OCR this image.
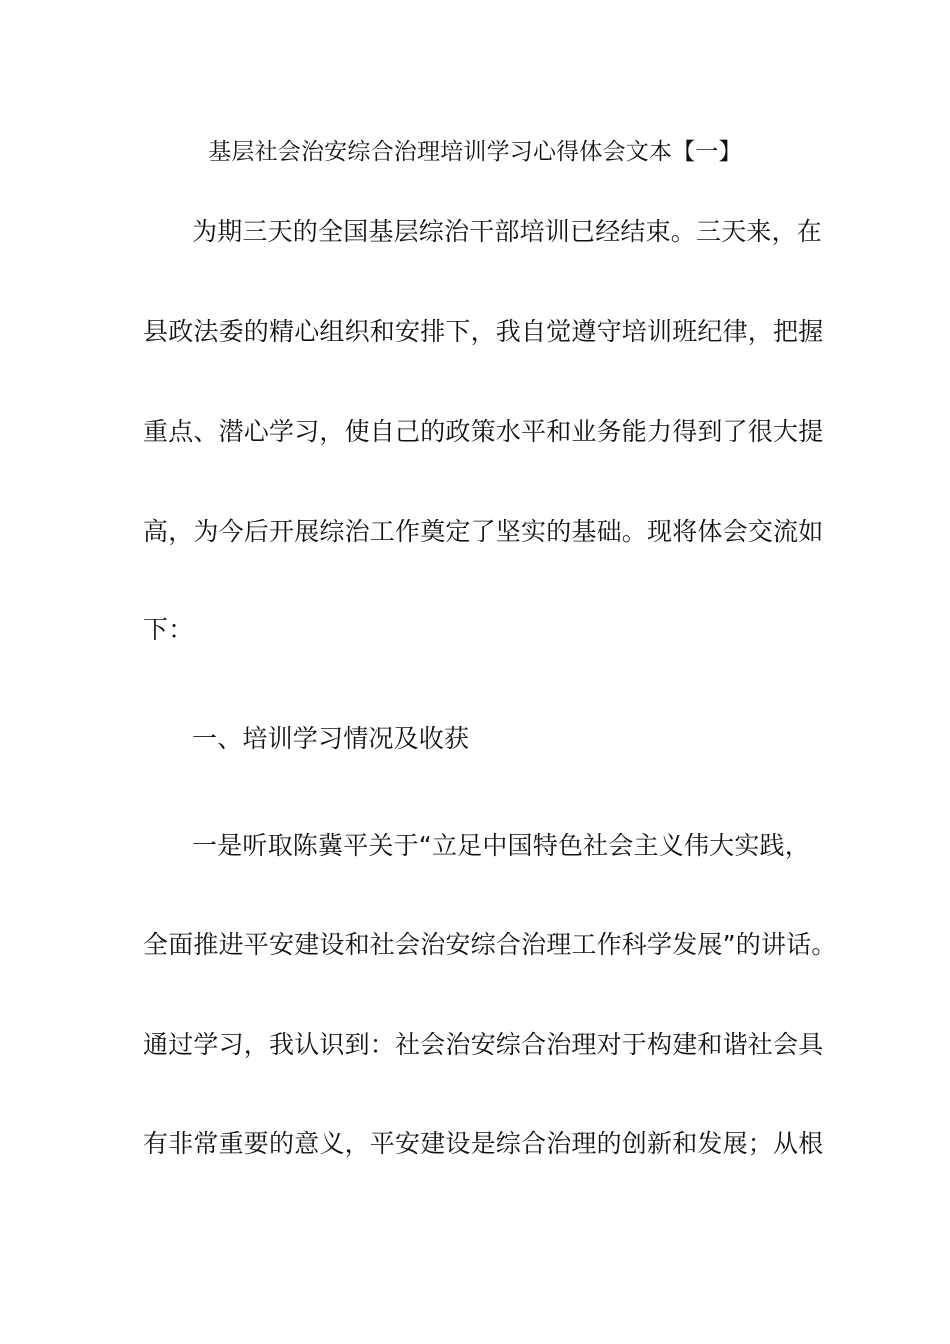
基层社会治安综合治理培训学习心得体会文本【一】
为期三天的全国基层综治干部培训已经结束。三天来，在
县政法委的精心组织和安排下，我自觉遵守培训班纪律，把握
重点、潜心学习，使自己的政策水平和业务能力得到了很大提
高，为今后开展综治工作奠定了坚实的基础。现将体会交流如
下：
一、培训学习情况及收获
一是听取陈冀平关于“立足中国特色社会主义伟大实践，
全面推进平安建设和社会治安综合治理工作科学发展”的讲话。
通过学习，我认识到：社会治安综合治理对于构建和谐社会具
有非常重要的意义，平安建设是综合治理的创新和发展；从根
